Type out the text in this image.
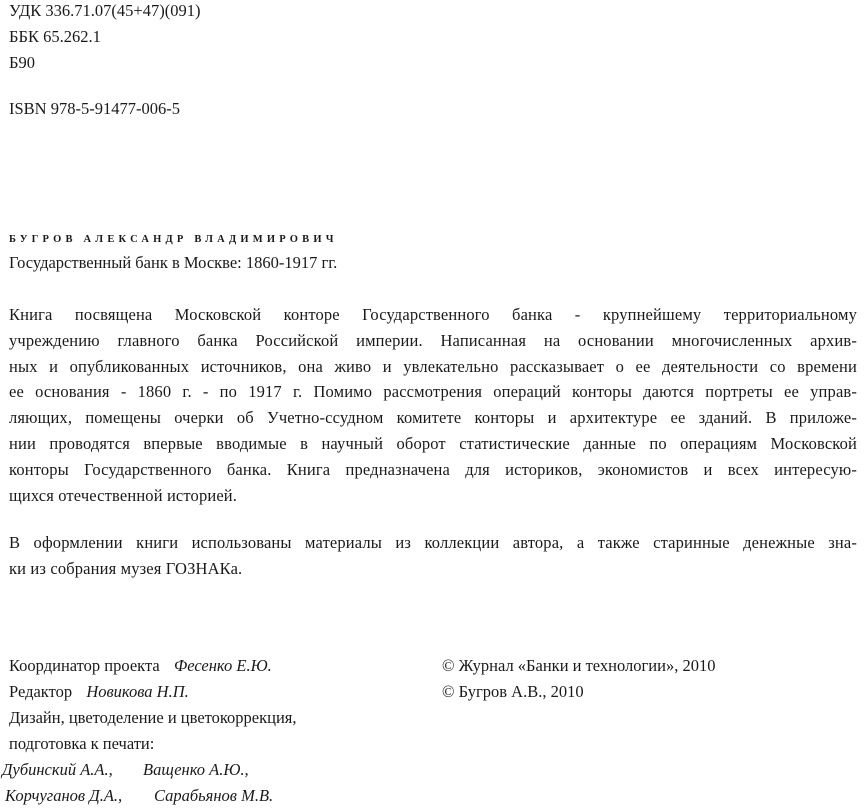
УДК 336.71.07(45+47)(091)
ББК 65.262.1
Б90
ISBN 978-5-91477-006-5
БУГРОВ АЛЕКСАНДР ВЛАДИМИРОВИЧ
Государственный банк в Москве: 1860-1917 гг.

Книга посвящена Московской конторе Государственного банка - крупнейшему территориальному
учреждению главного банка Российской империи. Написанная на основании многочисленных архив-
ных и опубликованных источников, она живо и увлекательно рассказывает о ее деятельности со времени
ее основания - 1860 г. - по 1917 г. Помимо рассмотрения операций конторы даются портреты ее управ-
ляющих, помещены очерки об Учетно-ссудном комитете конторы и архитектуре ее зданий. В приложе-
нии проводятся впервые вводимые в научный оборот статистические данные по операциям Московской
конторы Государственного банка. Книга предназначена для историков, экономистов и всех интересую-
щихся отечественной историей.

В оформлении книги использованы материалы из коллекции автора, а также старинные денежные зна-
ки из собрания музея ГОЗНАКа.

Координатор проекта Фесенко Е.Ю.
Редактор Новикова Н.П.
Дизайн, цветоделение и цветокоррекция,
подготовка к печати:
Дубинский А.А., Ващенко А.Ю.,
Корчуганов Д.А., Сарабьянов М.В.
© Журнал «Банки и технологии», 2010
© Бугров А.В., 2010
